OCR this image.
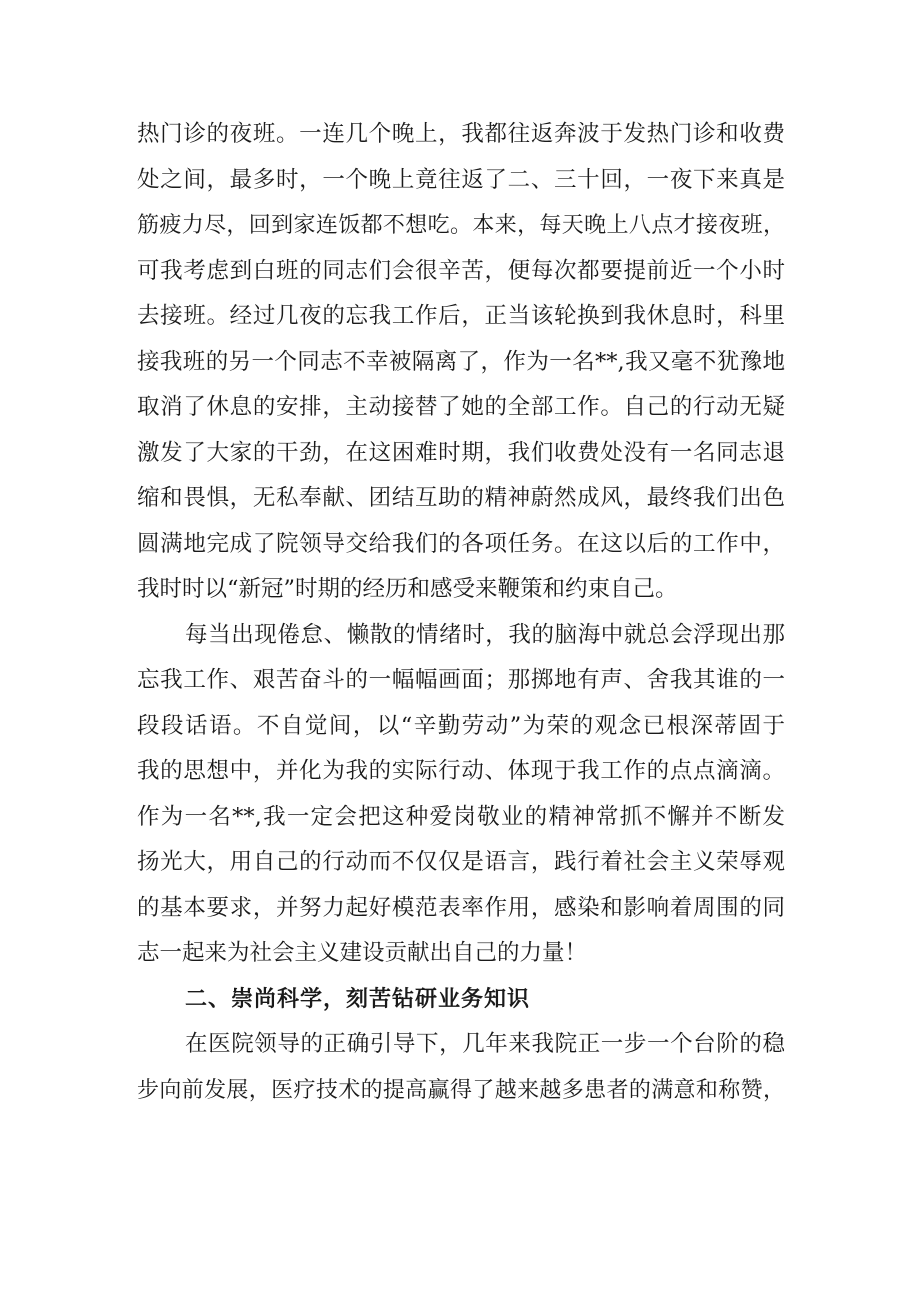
热门诊的夜班。一连几个晚上，我都往返奔波于发热门诊和收费
处之间，最多时，一个晚上竟往返了二、三十回，一夜下来真是
筋疲力尽，回到家连饭都不想吃。本来，每天晚上八点才接夜班，
可我考虑到白班的同志们会很辛苦，便每次都要提前近一个小时
去接班。经过几夜的忘我工作后，正当该轮换到我休息时，科里
接我班的另一个同志不幸被隔离了，作为一名**,我又毫不犹豫地
取消了休息的安排，主动接替了她的全部工作。自己的行动无疑
激发了大家的干劲，在这困难时期，我们收费处没有一名同志退
缩和畏惧，无私奉献、团结互助的精神蔚然成风，最终我们出色
圆满地完成了院领导交给我们的各项任务。在这以后的工作中，
我时时以“新冠”时期的经历和感受来鞭策和约束自己。

每当出现倦怠、懒散的情绪时，我的脑海中就总会浮现出那
忘我工作、艰苦奋斗的一幅幅画面；那掷地有声、舍我其谁的一
段段话语。不自觉间，以“辛勤劳动”为荣的观念已根深蒂固于
我的思想中，并化为我的实际行动、体现于我工作的点点滴滴。
作为一名**,我一定会把这种爱岗敬业的精神常抓不懈并不断发
扬光大，用自己的行动而不仅仅是语言，践行着社会主义荣辱观
的基本要求，并努力起好模范表率作用，感染和影响着周围的同
志一起来为社会主义建设贡献出自己的力量！

二、崇尚科学，刻苦钻研业务知识

在医院领导的正确引导下，几年来我院正一步一个台阶的稳
步向前发展，医疗技术的提高赢得了越来越多患者的满意和称赞，
